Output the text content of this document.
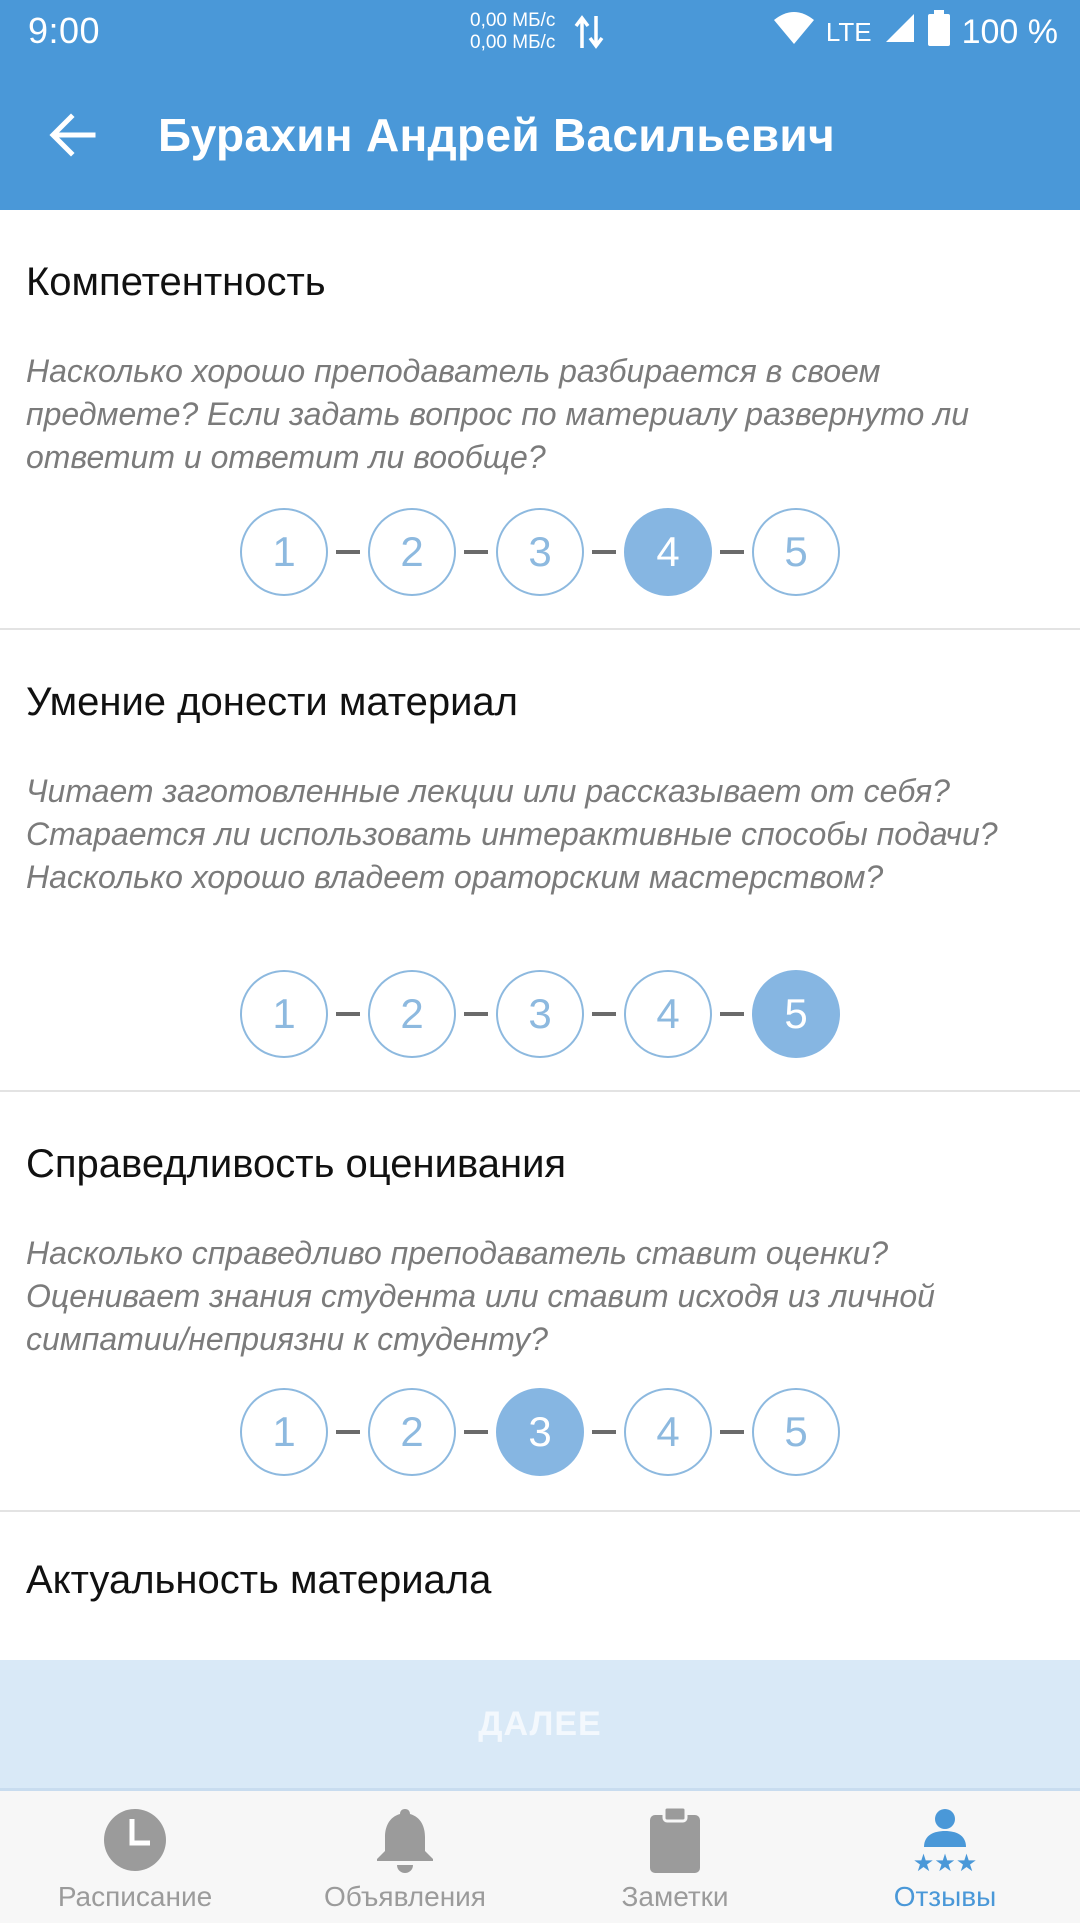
9:00	0,00 МБ/с
0,00 МБ/с	LTE	100 %
Бурахин Андрей Васильевич
Компетентность

Насколько хорошо преподаватель разбирается в своем предмете? Если задать вопрос по материалу развернуто ли ответит и ответит ли вообще?

1	2	3	4	5
Умение донести материал

Читает заготовленные лекции или рассказывает от себя? Старается ли использовать интерактивные способы подачи? Насколько хорошо владеет ораторским мастерством?

1	2	3	4	5
Справедливость оценивания

Насколько справедливо преподаватель ставит оценки? Оценивает знания студента или ставит исходя из личной симпатии/неприязни к студенту?

1	2	3	4	5
Актуальность материала
ДАЛЕЕ
Расписание	Объявления	Заметки
★★★
Отзывы
